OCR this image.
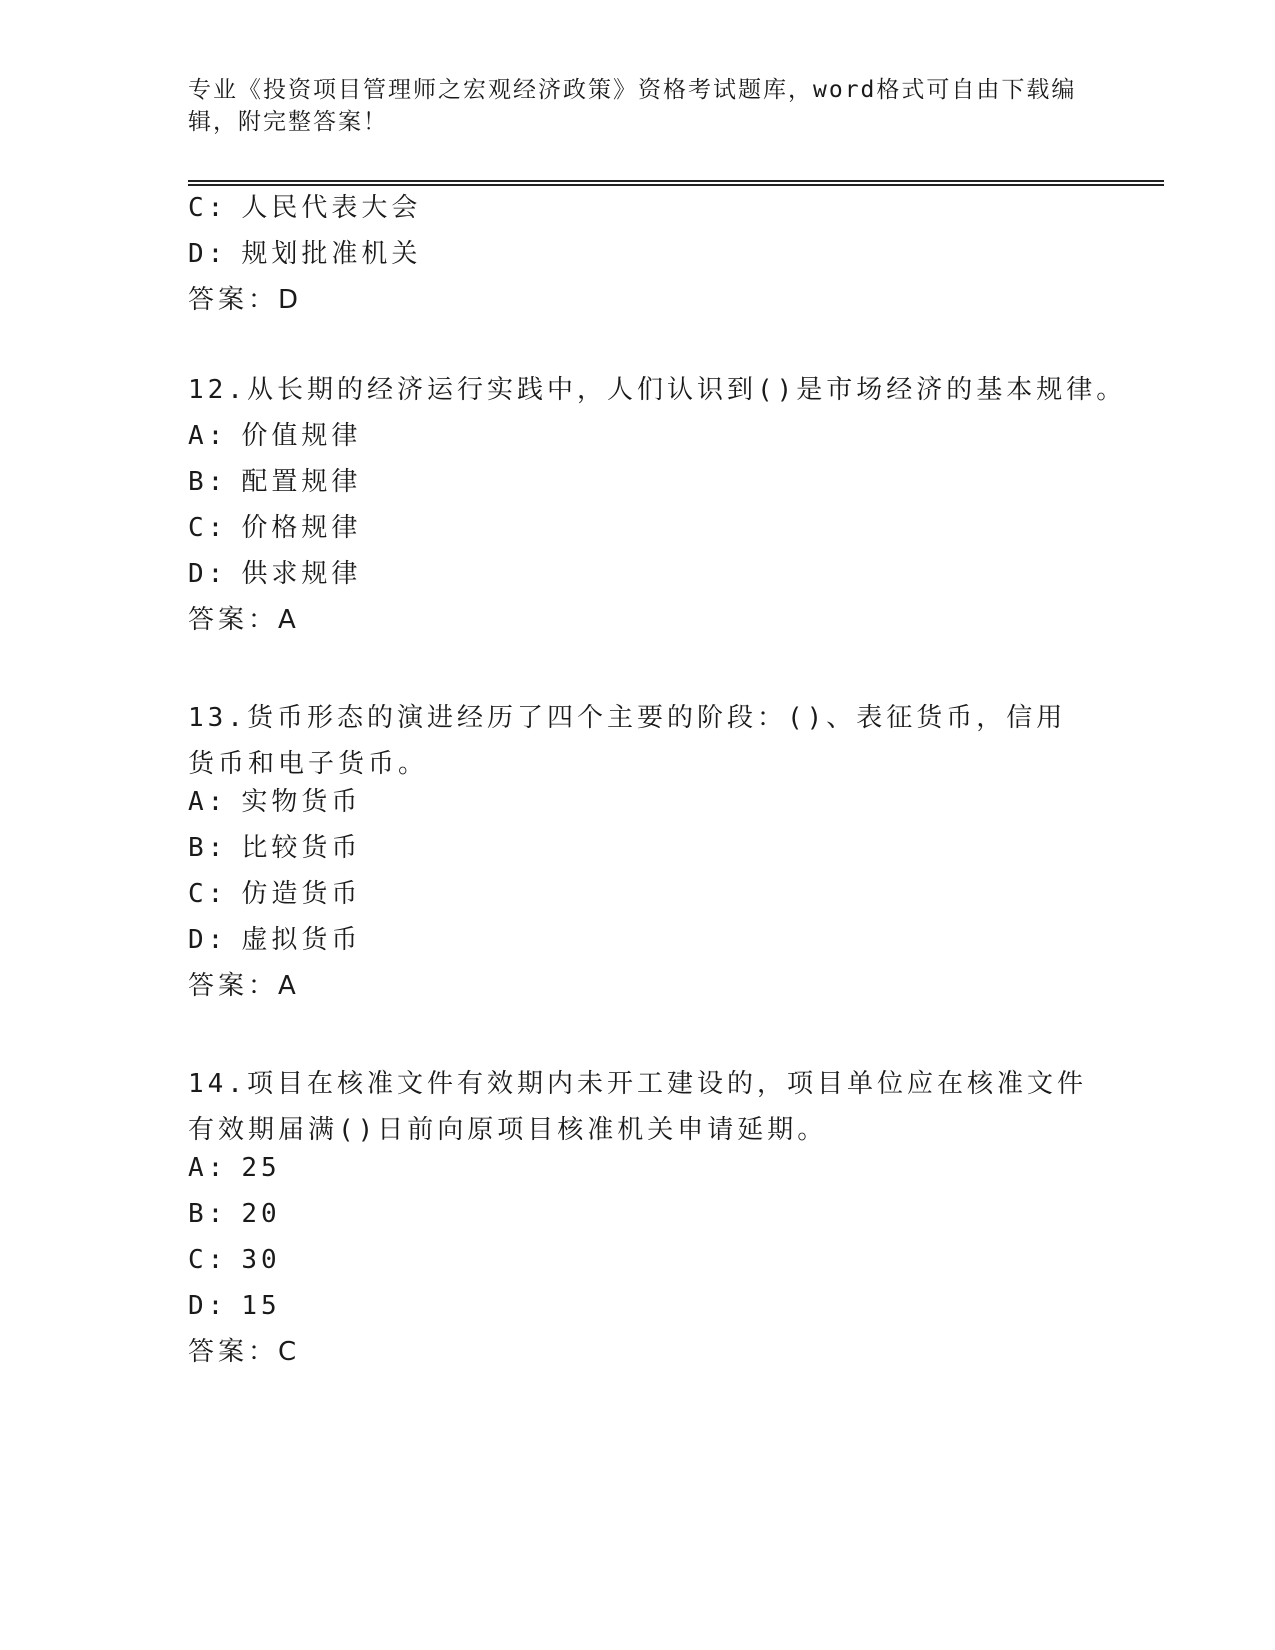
专业《投资项目管理师之宏观经济政策》资格考试题库，word格式可自由下载编辑，附完整答案！
C: 人民代表大会
D: 规划批准机关
答案：D
12.从长期的经济运行实践中，人们认识到()是市场经济的基本规律。
A: 价值规律
B: 配置规律
C: 价格规律
D: 供求规律
答案：A

13.货币形态的演进经历了四个主要的阶段：()、表征货币，信用货币和电子货币。

A: 实物货币
B: 比较货币
C: 仿造货币
D: 虚拟货币
答案：A

14.项目在核准文件有效期内未开工建设的，项目单位应在核准文件有效期届满()日前向原项目核准机关申请延期。

A: 25
B: 20
C: 30
D: 15
答案：C
